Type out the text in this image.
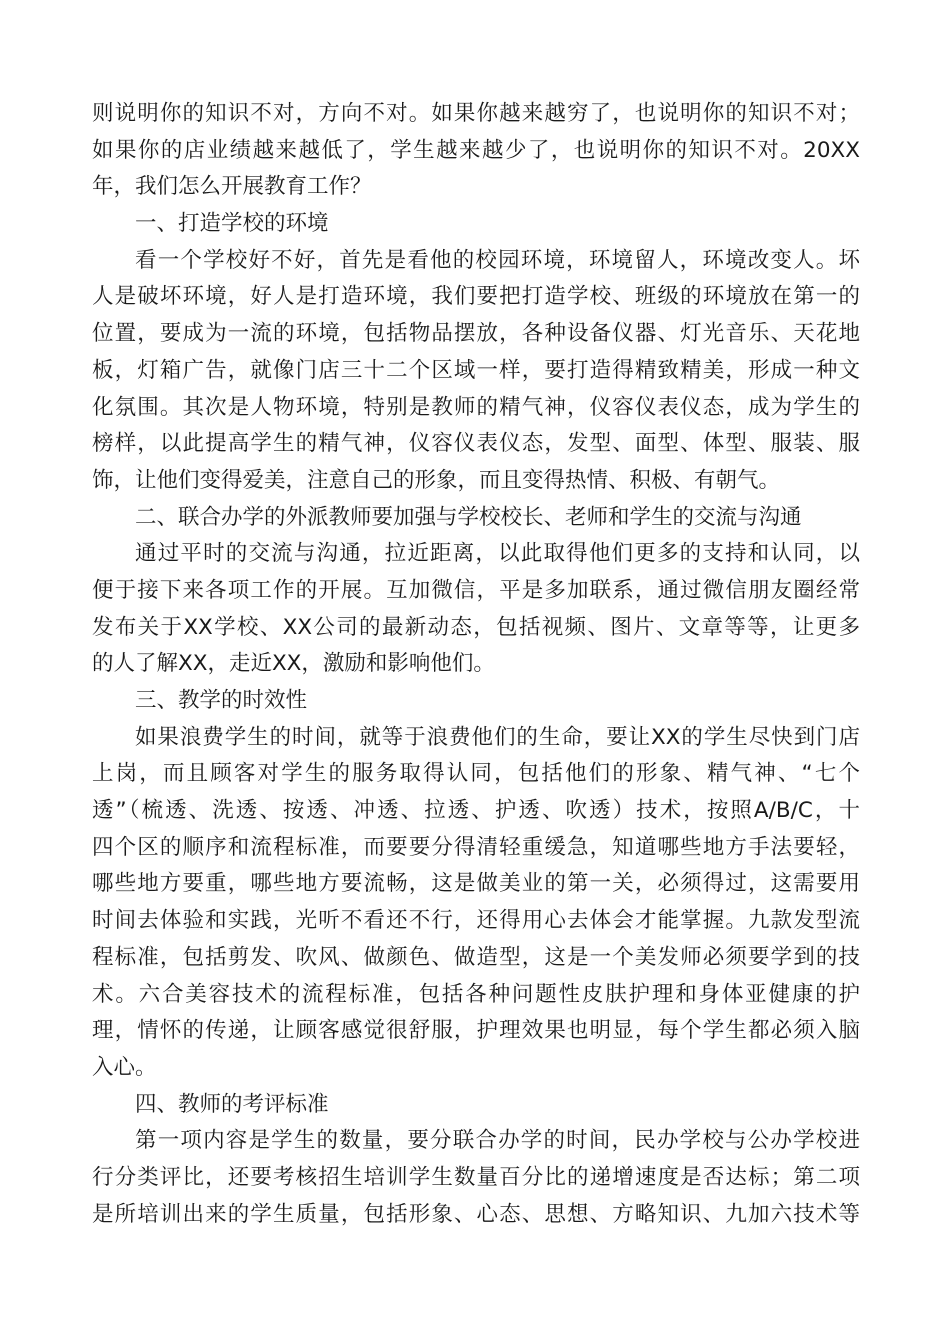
则说明你的知识不对，方向不对。如果你越来越穷了，也说明你的知识不对；
如果你的店业绩越来越低了，学生越来越少了，也说明你的知识不对。20XX
年，我们怎么开展教育工作？
一、打造学校的环境
看一个学校好不好，首先是看他的校园环境，环境留人，环境改变人。坏
人是破坏环境，好人是打造环境，我们要把打造学校、班级的环境放在第一的
位置，要成为一流的环境，包括物品摆放，各种设备仪器、灯光音乐、天花地
板，灯箱广告，就像门店三十二个区域一样，要打造得精致精美，形成一种文
化氛围。其次是人物环境，特别是教师的精气神，仪容仪表仪态，成为学生的
榜样，以此提高学生的精气神，仪容仪表仪态，发型、面型、体型、服装、服
饰，让他们变得爱美，注意自己的形象，而且变得热情、积极、有朝气。
二、联合办学的外派教师要加强与学校校长、老师和学生的交流与沟通
通过平时的交流与沟通，拉近距离，以此取得他们更多的支持和认同，以
便于接下来各项工作的开展。互加微信，平是多加联系，通过微信朋友圈经常
发布关于XX学校、XX公司的最新动态，包括视频、图片、文章等等，让更多
的人了解XX，走近XX，激励和影响他们。
三、教学的时效性
如果浪费学生的时间，就等于浪费他们的生命，要让XX的学生尽快到门店
上岗，而且顾客对学生的服务取得认同，包括他们的形象、精气神、“七个
透”（梳透、洗透、按透、冲透、拉透、护透、吹透）技术，按照A/B/C，十
四个区的顺序和流程标准，而要要分得清轻重缓急，知道哪些地方手法要轻，
哪些地方要重，哪些地方要流畅，这是做美业的第一关，必须得过，这需要用
时间去体验和实践，光听不看还不行，还得用心去体会才能掌握。九款发型流
程标准，包括剪发、吹风、做颜色、做造型，这是一个美发师必须要学到的技
术。六合美容技术的流程标准，包括各种问题性皮肤护理和身体亚健康的护
理，情怀的传递，让顾客感觉很舒服，护理效果也明显，每个学生都必须入脑
入心。
四、教师的考评标准
第一项内容是学生的数量，要分联合办学的时间，民办学校与公办学校进
行分类评比，还要考核招生培训学生数量百分比的递增速度是否达标；第二项
是所培训出来的学生质量，包括形象、心态、思想、方略知识、九加六技术等
